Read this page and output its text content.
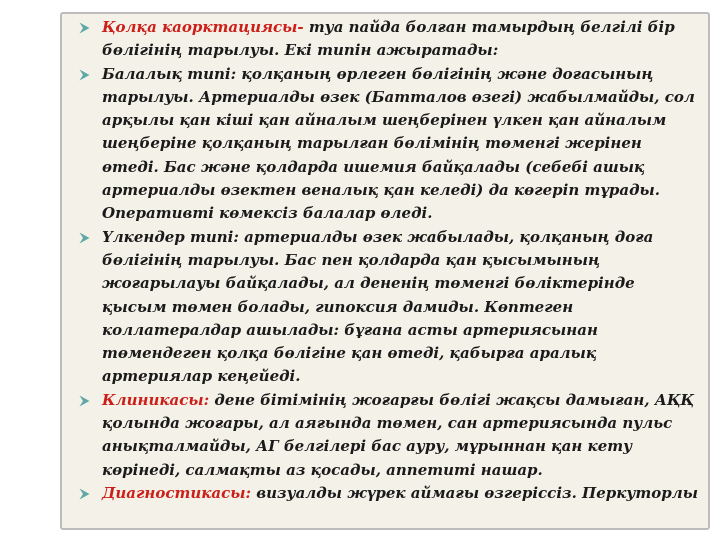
Қолқа каорктациясы- туа пайда болған тамырдың белгілі бір бөлігінің тарылуы. Екі типін ажыратады:
Балалық типі: қолқаның өрлеген бөлігінің және доғасының тарылуы. Артериалды өзек (Батталов өзегі) жабылмайды, сол арқылы қан кіші қан айналым шеңберінен үлкен қан айналым шеңберіне қолқаның тарылған бөлімінің төменгі жерінен өтеді. Бас және қолдарда ишемия байқалады (себебі ашық артериалды өзектен веналық қан келеді) да көгеріп тұрады. Оперативті көмексіз балалар өледі.
Үлкендер типі: артериалды өзек жабылады, қолқаның доға бөлігінің тарылуы. Бас пен қолдарда қан қысымының жоғарылауы байқалады, ал дененің төменгі бөліктерінде қысым төмен болады, гипоксия дамиды. Көптеген коллатералдар ашылады: бұғана асты артериясынан төмендеген қолқа бөлігіне қан өтеді, қабырға аралық артериялар кеңейеді.
Клиникасы: дене бітімінің жоғарғы бөлігі жақсы дамыған, АҚҚ қолында жоғары, ал аяғында төмен, сан артериясында пульс анықталмайды, АГ белгілері бас ауру, мұрыннан қан кету көрінеді, салмақты аз қосады, аппетиті нашар.
Диагностикасы: визуалды жүрек аймағы өзгеріссіз. Перкуторлы
